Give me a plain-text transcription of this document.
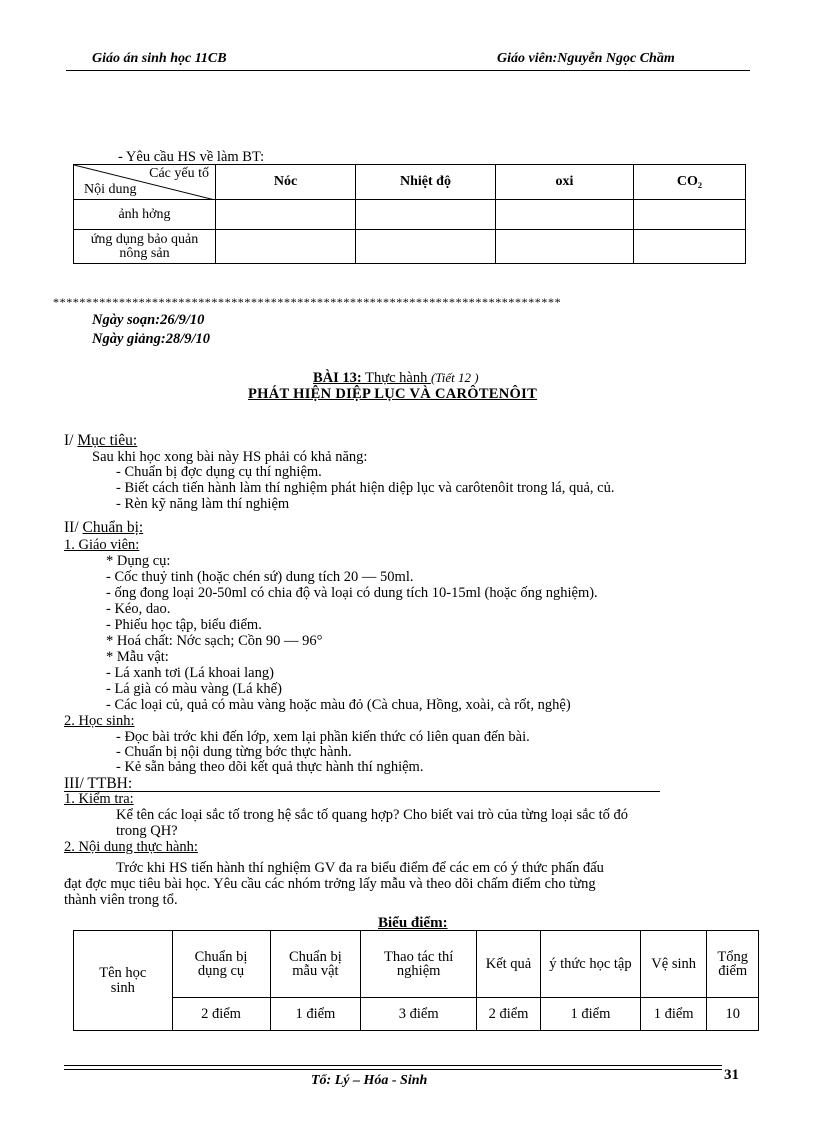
Giáo án sinh học 11CB	Giáo viên:Nguyễn Ngọc Chầm
- Yêu cầu HS về làm BT:
Các yếu tố
Nội dung	Nóc	Nhiệt độ	oxi	CO₂
ảnh hởng				
ứng dụng bảo quản nông sản				
*****************************************************************************
Ngày soạn:26/9/10
Ngày giảng:28/9/10
BÀI 13: Thực hành (Tiết 12 )
PHÁT HIỆN DIỆP LỤC VÀ CARÔTENÔIT
I/ Mục tiêu:
Sau khi học xong bài này HS phải có khả năng:
- Chuẩn bị đợc dụng cụ thí nghiệm.
- Biết cách tiến hành làm thí nghiệm phát hiện diệp lục và carôtenôit trong lá, quả, củ.
- Rèn kỹ năng làm thí nghiệm
II/ Chuẩn bị:
1. Giáo viên:
* Dụng cụ:
- Cốc thuỷ tinh (hoặc chén sứ) dung tích 20 — 50ml.
- ống đong loại 20-50ml có chia độ và loại có dung tích 10-15ml (hoặc ống nghiệm).
- Kéo, dao.
- Phiếu học tập, biểu điểm.
* Hoá chất: Nớc sạch; Cồn 90 — 96°
* Mẫu vật:
- Lá xanh tơi (Lá khoai lang)
- Lá già có màu vàng (Lá khế)
- Các loại củ, quả có màu vàng hoặc màu đỏ (Cà chua, Hồng, xoài, cà rốt, nghệ)
2. Học sinh:
- Đọc bài trớc khi đến lớp, xem lại phần kiến thức có liên quan đến bài.
- Chuẩn bị nội dung từng bớc thực hành.
- Kẻ sẵn bảng theo dõi kết quả thực hành thí nghiệm.
III/ TTBH:
1. Kiểm tra:
Kể tên các loại sắc tố trong hệ sắc tố quang hợp? Cho biết vai trò của từng loại sắc tố đó
trong QH?
2. Nội dung thực hành:
Trớc khi HS tiến hành thí nghiệm GV đa ra biểu điểm để các em có ý thức phấn đấu
đạt đợc mục tiêu bài học. Yêu cầu các nhóm trởng lấy mẫu và theo dõi chấm điểm cho từng
thành viên trong tổ.
Biểu điểm:
Tên học sinh	Chuẩn bị dụng cụ	Chuẩn bị mẫu vật	Thao tác thí nghiệm	Kết quả	ý thức học tập	Vệ sinh	Tổng điểm
	2 điểm	1 điểm	3 điểm	2 điểm	1 điểm	1 điểm	10
Tổ: Lý – Hóa - Sinh	31
